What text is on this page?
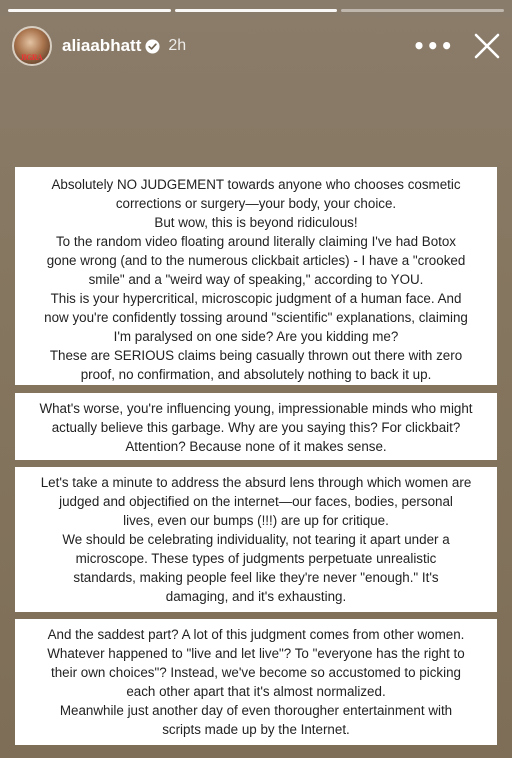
JIGRA
aliaabhatt 2h	•••

Absolutely NO JUDGEMENT towards anyone who chooses cosmetic

corrections or surgery—your body, your choice.

But wow, this is beyond ridiculous!

To the random video floating around literally claiming I've had Botox

gone wrong (and to the numerous clickbait articles) - I have a "crooked

smile" and a "weird way of speaking," according to YOU.

This is your hypercritical, microscopic judgment of a human face. And

now you're confidently tossing around "scientific" explanations, claiming

I'm paralysed on one side? Are you kidding me?

These are SERIOUS claims being casually thrown out there with zero

proof, no confirmation, and absolutely nothing to back it up.

What's worse, you're influencing young, impressionable minds who might

actually believe this garbage. Why are you saying this? For clickbait?

Attention? Because none of it makes sense.

Let's take a minute to address the absurd lens through which women are

judged and objectified on the internet—our faces, bodies, personal

lives, even our bumps (!!!) are up for critique.

We should be celebrating individuality, not tearing it apart under a

microscope. These types of judgments perpetuate unrealistic

standards, making people feel like they're never "enough." It's

damaging, and it's exhausting.

And the saddest part? A lot of this judgment comes from other women.

Whatever happened to "live and let live"? To "everyone has the right to

their own choices"? Instead, we've become so accustomed to picking

each other apart that it's almost normalized.

Meanwhile just another day of even thorougher entertainment with

scripts made up by the Internet.
